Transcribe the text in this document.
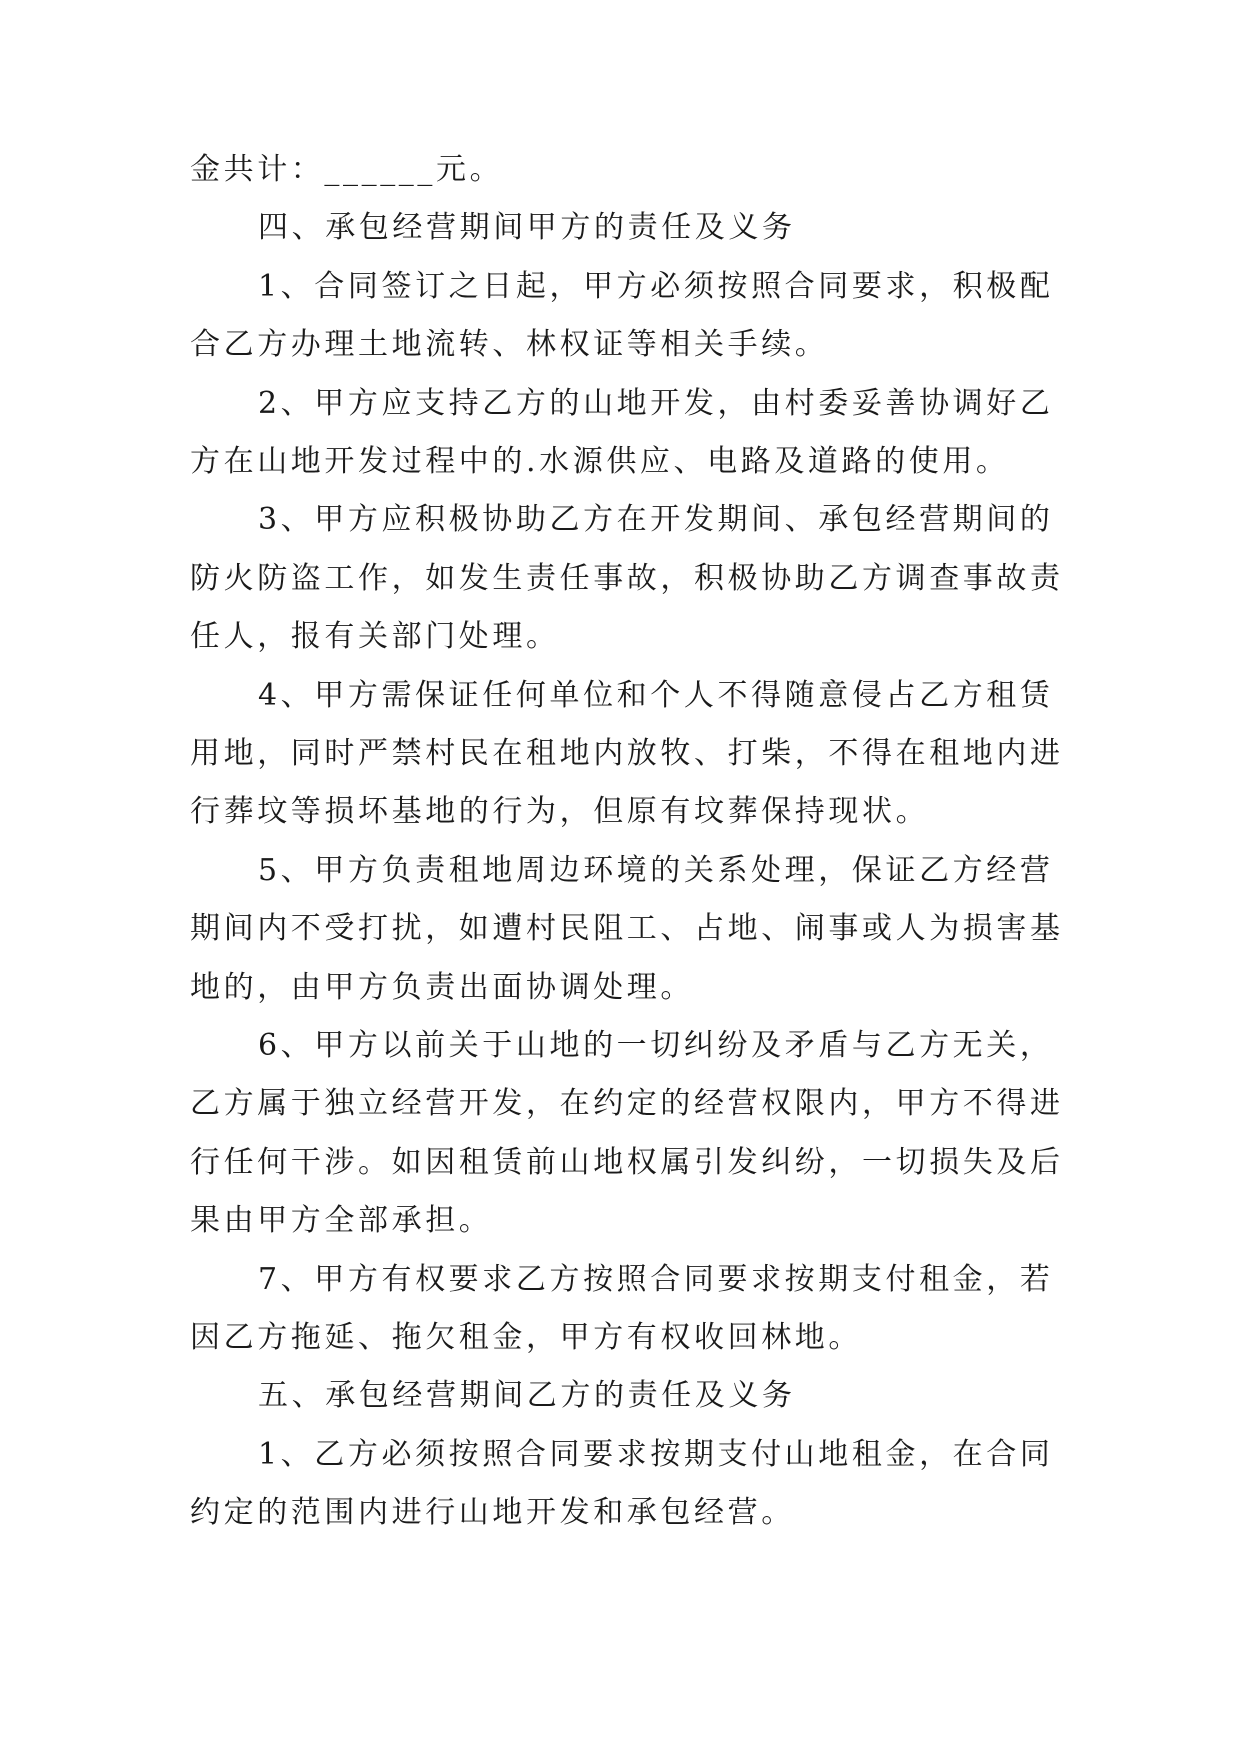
金共计：______元。

四、承包经营期间甲方的责任及义务

1、合同签订之日起，甲方必须按照合同要求，积极配

合乙方办理土地流转、林权证等相关手续。

2、甲方应支持乙方的山地开发，由村委妥善协调好乙

方在山地开发过程中的.水源供应、电路及道路的使用。

3、甲方应积极协助乙方在开发期间、承包经营期间的

防火防盗工作，如发生责任事故，积极协助乙方调查事故责

任人，报有关部门处理。

4、甲方需保证任何单位和个人不得随意侵占乙方租赁

用地，同时严禁村民在租地内放牧、打柴，不得在租地内进

行葬坟等损坏基地的行为，但原有坟葬保持现状。

5、甲方负责租地周边环境的关系处理，保证乙方经营

期间内不受打扰，如遭村民阻工、占地、闹事或人为损害基

地的，由甲方负责出面协调处理。

6、甲方以前关于山地的一切纠纷及矛盾与乙方无关，

乙方属于独立经营开发，在约定的经营权限内，甲方不得进

行任何干涉。如因租赁前山地权属引发纠纷，一切损失及后

果由甲方全部承担。

7、甲方有权要求乙方按照合同要求按期支付租金，若

因乙方拖延、拖欠租金，甲方有权收回林地。

五、承包经营期间乙方的责任及义务

1、乙方必须按照合同要求按期支付山地租金，在合同

约定的范围内进行山地开发和承包经营。
